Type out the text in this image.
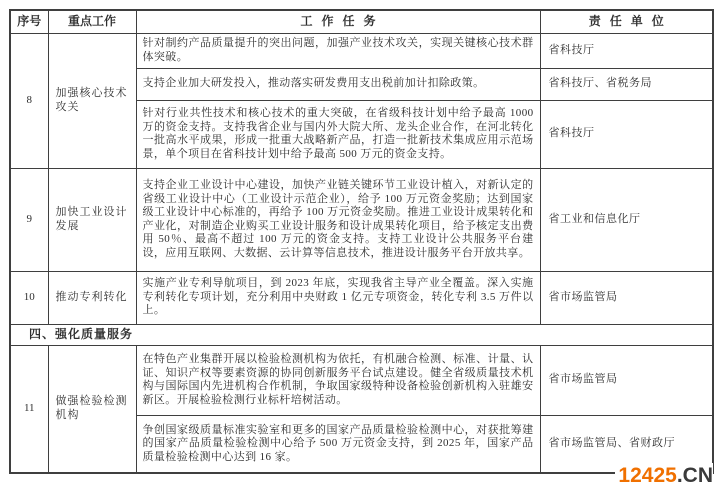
序号	重点工作	工 作 任 务	责 任 单 位
8	加强核心技术攻关	针对制约产品质量提升的突出问题，加强产业技术攻关，实现关键核心技术群体突破。	省科技厅
		支持企业加大研发投入，推动落实研发费用支出税前加计扣除政策。	省科技厅、省税务局
		针对行业共性技术和核心技术的重大突破，在省级科技计划中给予最高 1000 万的资金支持。支持我省企业与国内外大院大所、龙头企业合作，在河北转化一批高水平成果，形成一批重大战略新产品，打造一批新技术集成应用示范场景，单个项目在省科技计划中给予最高 500 万元的资金支持。	省科技厅
9	加快工业设计发展	支持企业工业设计中心建设，加快产业链关键环节工业设计植入，对新认定的省级工业设计中心（工业设计示范企业），给予 100 万元资金奖励；达到国家级工业设计中心标准的，再给予 100 万元资金奖励。推进工业设计成果转化和产业化，对制造企业购买工业设计服务和设计成果转化项目，给予核定支出费用 50％、最高不超过 100 万元的资金支持。支持工业设计公共服务平台建设，应用互联网、大数据、云计算等信息技术，推进设计服务平台开放共享。	省工业和信息化厅
10	推动专利转化	实施产业专利导航项目，到 2023 年底，实现我省主导产业全覆盖。深入实施专利转化专项计划，充分利用中央财政 1 亿元专项资金，转化专利 3.5 万件以上。	省市场监管局
四、强化质量服务			
11	做强检验检测机构	在特色产业集群开展以检验检测机构为依托，有机融合检测、标准、计量、认证、知识产权等要素资源的协同创新服务平台试点建设。健全省级质量技术机构与国际国内先进机构合作机制，争取国家级特种设备检验创新机构入驻雄安新区。开展检验检测行业标杆培树活动。	省市场监管局
		争创国家级质量标准实验室和更多的国家产品质量检验检测中心，对获批筹建的国家产品质量检验检测中心给予 500 万元资金支持，到 2025 年，国家产品质量检验检测中心达到 16 家。	省市场监管局、省财政厅
12425.CN
